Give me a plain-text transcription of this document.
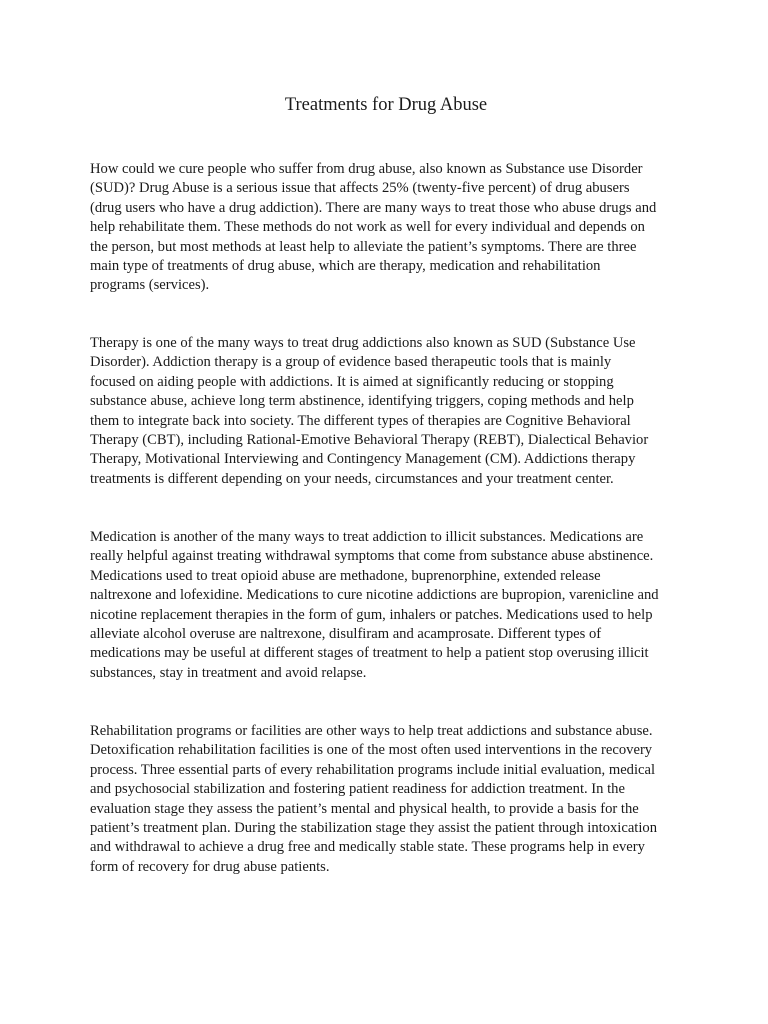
Treatments for Drug Abuse

How could we cure people who suffer from drug abuse, also known as Substance use Disorder
(SUD)? Drug Abuse is a serious issue that affects 25% (twenty-five percent) of drug abusers
(drug users who have a drug addiction). There are many ways to treat those who abuse drugs and
help rehabilitate them. These methods do not work as well for every individual and depends on
the person, but most methods at least help to alleviate the patient’s symptoms. There are three
main type of treatments of drug abuse, which are therapy, medication and rehabilitation
programs (services).

Therapy is one of the many ways to treat drug addictions also known as SUD (Substance Use
Disorder). Addiction therapy is a group of evidence based therapeutic tools that is mainly
focused on aiding people with addictions. It is aimed at significantly reducing or stopping
substance abuse, achieve long term abstinence, identifying triggers, coping methods and help
them to integrate back into society. The different types of therapies are Cognitive Behavioral
Therapy (CBT), including Rational-Emotive Behavioral Therapy (REBT), Dialectical Behavior
Therapy, Motivational Interviewing and Contingency Management (CM). Addictions therapy
treatments is different depending on your needs, circumstances and your treatment center.

Medication is another of the many ways to treat addiction to illicit substances. Medications are
really helpful against treating withdrawal symptoms that come from substance abuse abstinence.
Medications used to treat opioid abuse are methadone, buprenorphine, extended release
naltrexone and lofexidine. Medications to cure nicotine addictions are bupropion, varenicline and
nicotine replacement therapies in the form of gum, inhalers or patches. Medications used to help
alleviate alcohol overuse are naltrexone, disulfiram and acamprosate. Different types of
medications may be useful at different stages of treatment to help a patient stop overusing illicit
substances, stay in treatment and avoid relapse.

Rehabilitation programs or facilities are other ways to help treat addictions and substance abuse.
Detoxification rehabilitation facilities is one of the most often used interventions in the recovery
process. Three essential parts of every rehabilitation programs include initial evaluation, medical
and psychosocial stabilization and fostering patient readiness for addiction treatment. In the
evaluation stage they assess the patient’s mental and physical health, to provide a basis for the
patient’s treatment plan. During the stabilization stage they assist the patient through intoxication
and withdrawal to achieve a drug free and medically stable state. These programs help in every
form of recovery for drug abuse patients.
